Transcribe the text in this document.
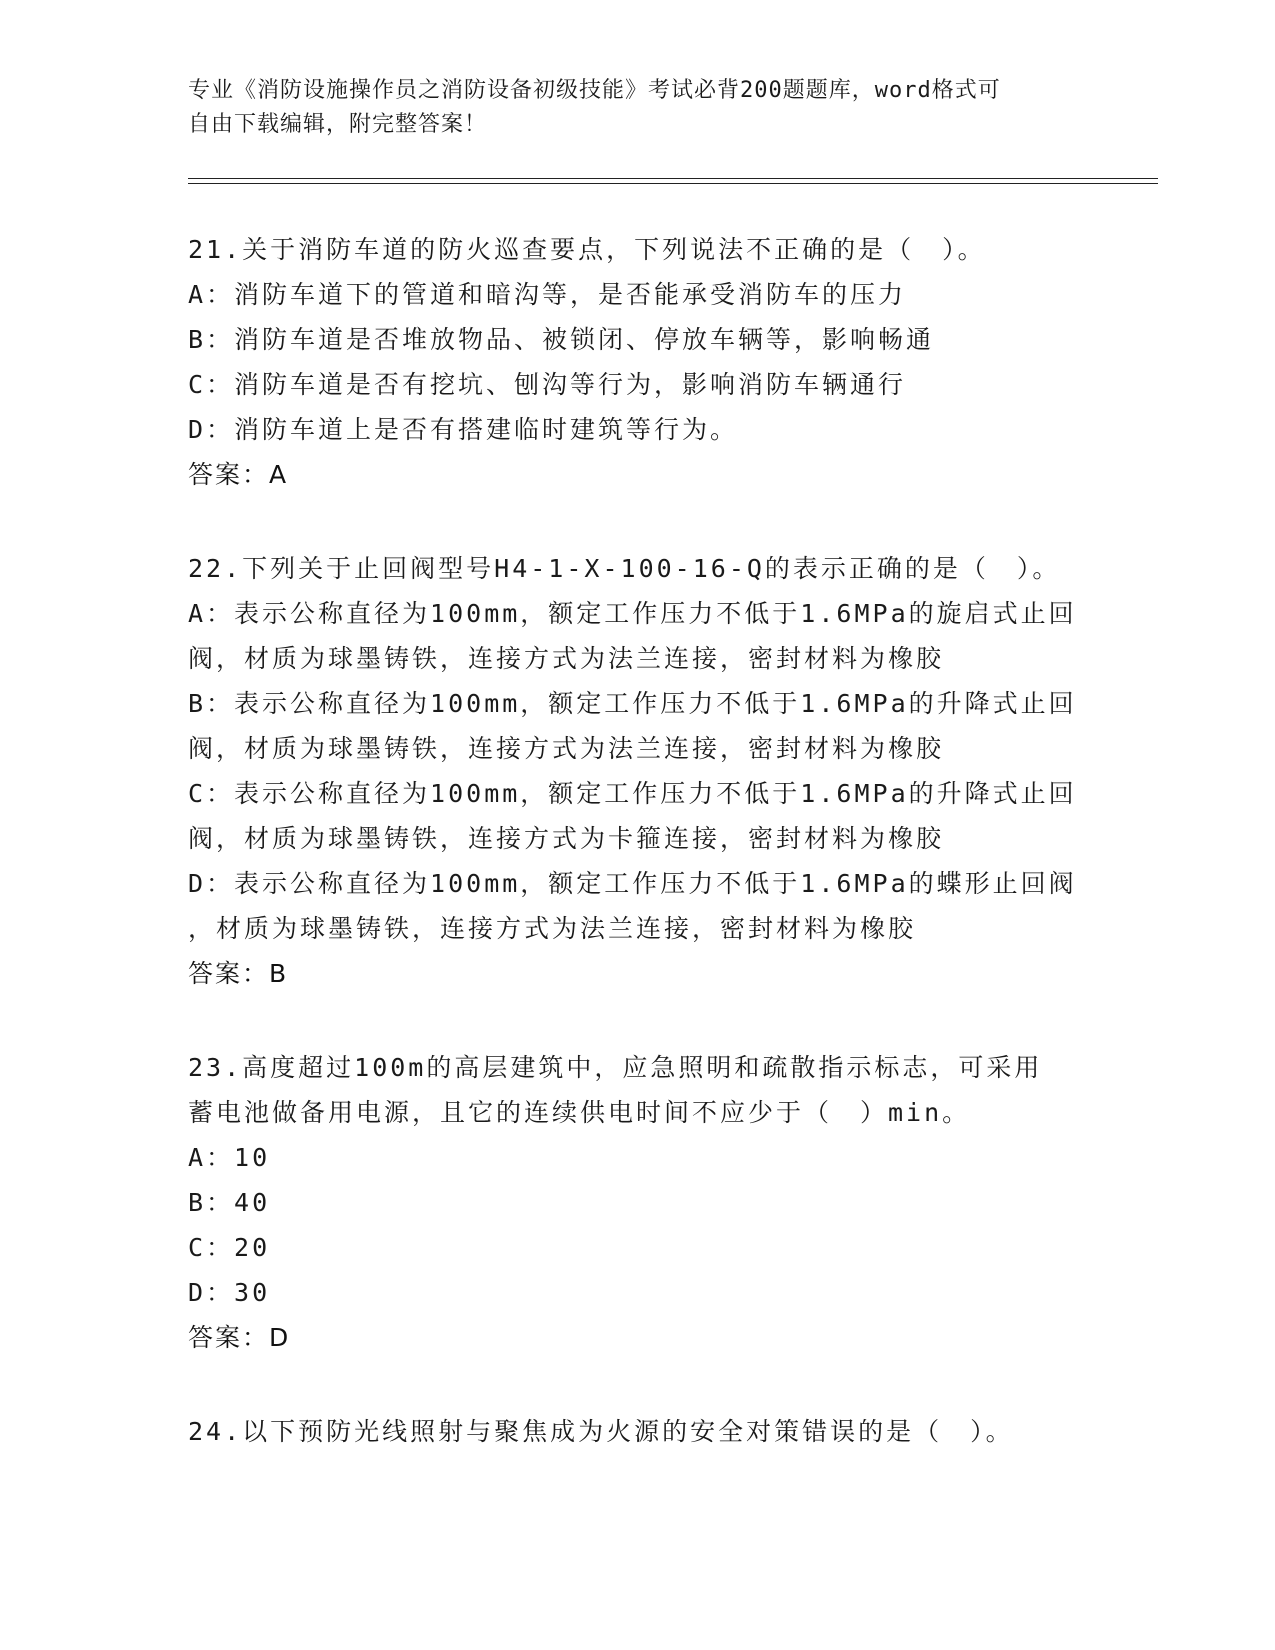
专业《消防设施操作员之消防设备初级技能》考试必背200题题库，word格式可
自由下载编辑，附完整答案！
21.关于消防车道的防火巡查要点，下列说法不正确的是（　）。
A：消防车道下的管道和暗沟等，是否能承受消防车的压力
B：消防车道是否堆放物品、被锁闭、停放车辆等，影响畅通
C：消防车道是否有挖坑、刨沟等行为，影响消防车辆通行
D：消防车道上是否有搭建临时建筑等行为。
答案：A
22.下列关于止回阀型号H4-1-X-100-16-Q的表示正确的是（　）。
A：表示公称直径为100mm，额定工作压力不低于1.6MPa的旋启式止回
阀，材质为球墨铸铁，连接方式为法兰连接，密封材料为橡胶
B：表示公称直径为100mm，额定工作压力不低于1.6MPa的升降式止回
阀，材质为球墨铸铁，连接方式为法兰连接，密封材料为橡胶
C：表示公称直径为100mm，额定工作压力不低于1.6MPa的升降式止回
阀，材质为球墨铸铁，连接方式为卡箍连接，密封材料为橡胶
D：表示公称直径为100mm，额定工作压力不低于1.6MPa的蝶形止回阀
，材质为球墨铸铁，连接方式为法兰连接，密封材料为橡胶
答案：B
23.高度超过100m的高层建筑中，应急照明和疏散指示标志，可采用
蓄电池做备用电源，且它的连续供电时间不应少于（　）min。
A：10
B：40
C：20
D：30
答案：D
24.以下预防光线照射与聚焦成为火源的安全对策错误的是（　）。
